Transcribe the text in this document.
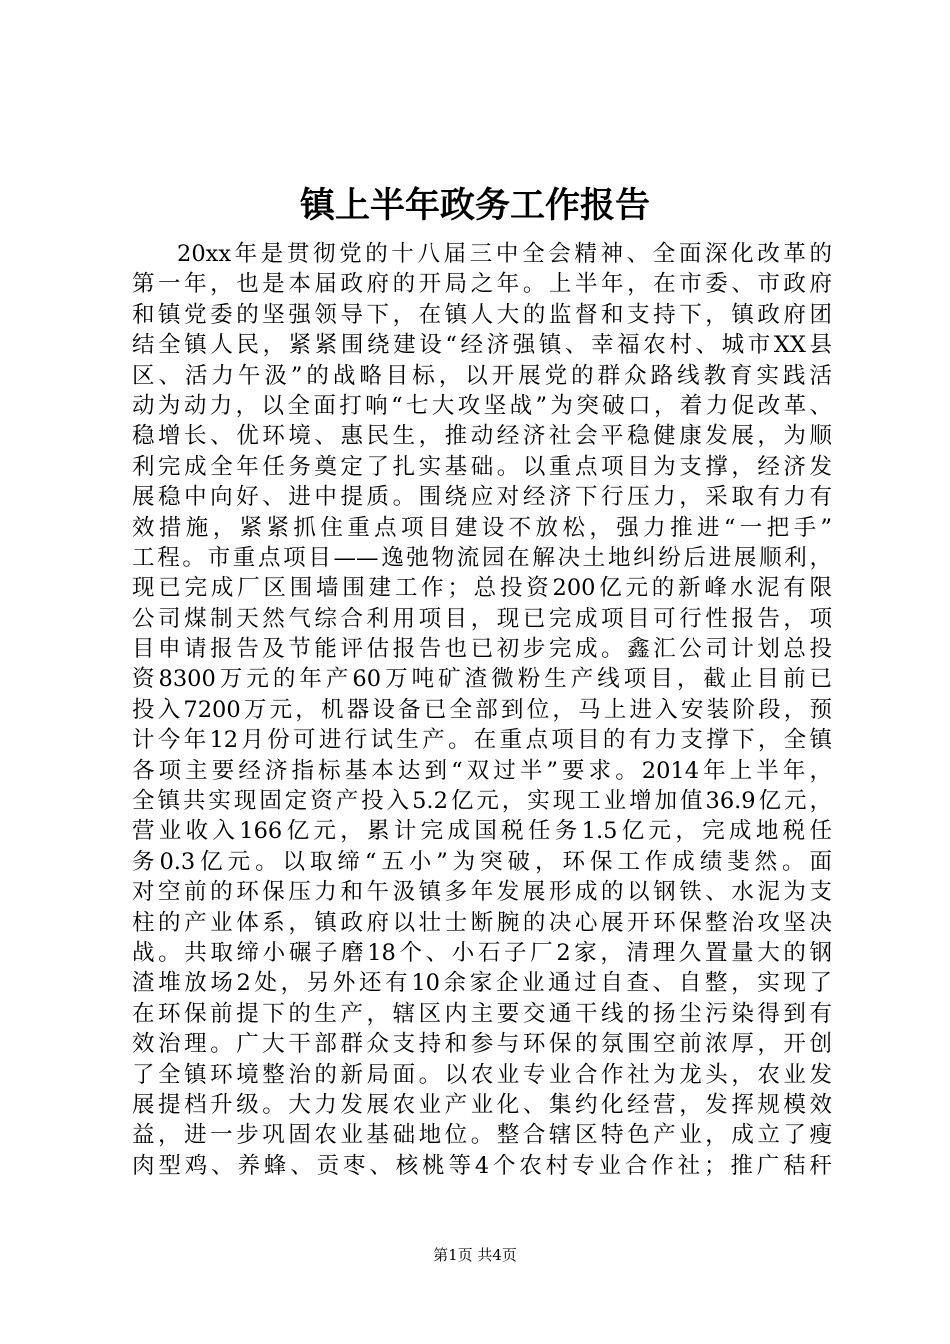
镇上半年政务工作报告
20xx年是贯彻党的十八届三中全会精神、全面深化改革的
第一年，也是本届政府的开局之年。上半年，在市委、市政府
和镇党委的坚强领导下，在镇人大的监督和支持下，镇政府团
结全镇人民，紧紧围绕建设“经济强镇、幸福农村、城市XX县
区、活力午汲”的战略目标，以开展党的群众路线教育实践活
动为动力，以全面打响“七大攻坚战”为突破口，着力促改革、
稳增长、优环境、惠民生，推动经济社会平稳健康发展，为顺
利完成全年任务奠定了扎实基础。以重点项目为支撑，经济发
展稳中向好、进中提质。围绕应对经济下行压力，采取有力有
效措施，紧紧抓住重点项目建设不放松，强力推进“一把手”
工程。市重点项目——逸弛物流园在解决土地纠纷后进展顺利，
现已完成厂区围墙围建工作；总投资200亿元的新峰水泥有限
公司煤制天然气综合利用项目，现已完成项目可行性报告，项
目申请报告及节能评估报告也已初步完成。鑫汇公司计划总投
资8300万元的年产60万吨矿渣微粉生产线项目，截止目前已
投入7200万元，机器设备已全部到位，马上进入安装阶段，预
计今年12月份可进行试生产。在重点项目的有力支撑下，全镇
各项主要经济指标基本达到“双过半”要求。2014年上半年，
全镇共实现固定资产投入5.2亿元，实现工业增加值36.9亿元，
营业收入166亿元，累计完成国税任务1.5亿元，完成地税任
务0.3亿元。以取缔“五小”为突破，环保工作成绩斐然。面
对空前的环保压力和午汲镇多年发展形成的以钢铁、水泥为支
柱的产业体系，镇政府以壮士断腕的决心展开环保整治攻坚决
战。共取缔小碾子磨18个、小石子厂2家，清理久置量大的钢
渣堆放场2处，另外还有10余家企业通过自查、自整，实现了
在环保前提下的生产，辖区内主要交通干线的扬尘污染得到有
效治理。广大干部群众支持和参与环保的氛围空前浓厚，开创
了全镇环境整治的新局面。以农业专业合作社为龙头，农业发
展提档升级。大力发展农业产业化、集约化经营，发挥规模效
益，进一步巩固农业基础地位。整合辖区特色产业，成立了瘦
肉型鸡、养蜂、贡枣、核桃等4个农村专业合作社；推广秸秆
第1页 共4页
